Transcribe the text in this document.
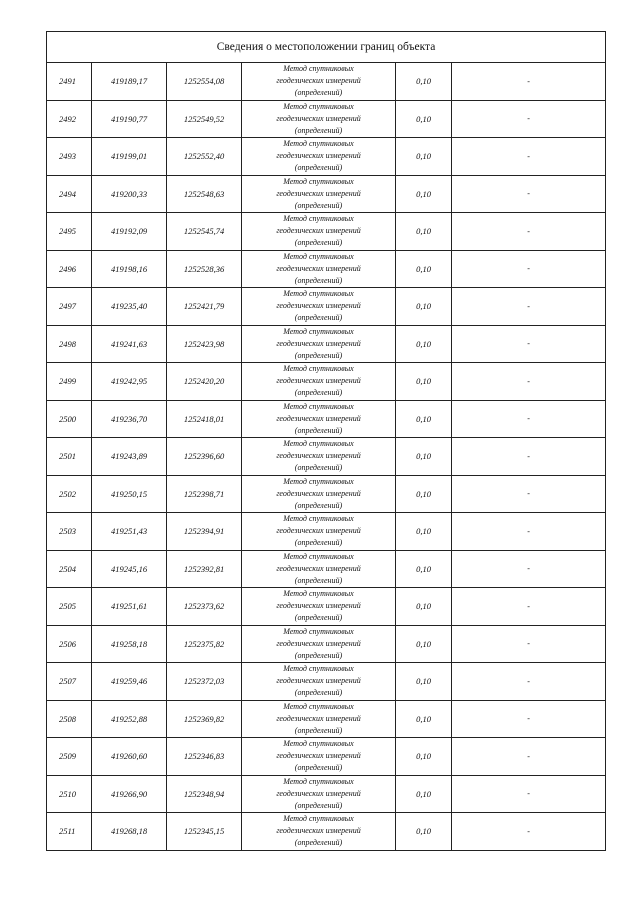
Сведения о местоположении границ объекта					
2491	419189,17	1252554,08	Метод спутниковых
геодезических измерений
(определений)	0,10	-
2492	419190,77	1252549,52	Метод спутниковых
геодезических измерений
(определений)	0,10	-
2493	419199,01	1252552,40	Метод спутниковых
геодезических измерений
(определений)	0,10	-
2494	419200,33	1252548,63	Метод спутниковых
геодезических измерений
(определений)	0,10	-
2495	419192,09	1252545,74	Метод спутниковых
геодезических измерений
(определений)	0,10	-
2496	419198,16	1252528,36	Метод спутниковых
геодезических измерений
(определений)	0,10	-
2497	419235,40	1252421,79	Метод спутниковых
геодезических измерений
(определений)	0,10	-
2498	419241,63	1252423,98	Метод спутниковых
геодезических измерений
(определений)	0,10	-
2499	419242,95	1252420,20	Метод спутниковых
геодезических измерений
(определений)	0,10	-
2500	419236,70	1252418,01	Метод спутниковых
геодезических измерений
(определений)	0,10	-
2501	419243,89	1252396,60	Метод спутниковых
геодезических измерений
(определений)	0,10	-
2502	419250,15	1252398,71	Метод спутниковых
геодезических измерений
(определений)	0,10	-
2503	419251,43	1252394,91	Метод спутниковых
геодезических измерений
(определений)	0,10	-
2504	419245,16	1252392,81	Метод спутниковых
геодезических измерений
(определений)	0,10	-
2505	419251,61	1252373,62	Метод спутниковых
геодезических измерений
(определений)	0,10	-
2506	419258,18	1252375,82	Метод спутниковых
геодезических измерений
(определений)	0,10	-
2507	419259,46	1252372,03	Метод спутниковых
геодезических измерений
(определений)	0,10	-
2508	419252,88	1252369,82	Метод спутниковых
геодезических измерений
(определений)	0,10	-
2509	419260,60	1252346,83	Метод спутниковых
геодезических измерений
(определений)	0,10	-
2510	419266,90	1252348,94	Метод спутниковых
геодезических измерений
(определений)	0,10	-
2511	419268,18	1252345,15	Метод спутниковых
геодезических измерений
(определений)	0,10	-
